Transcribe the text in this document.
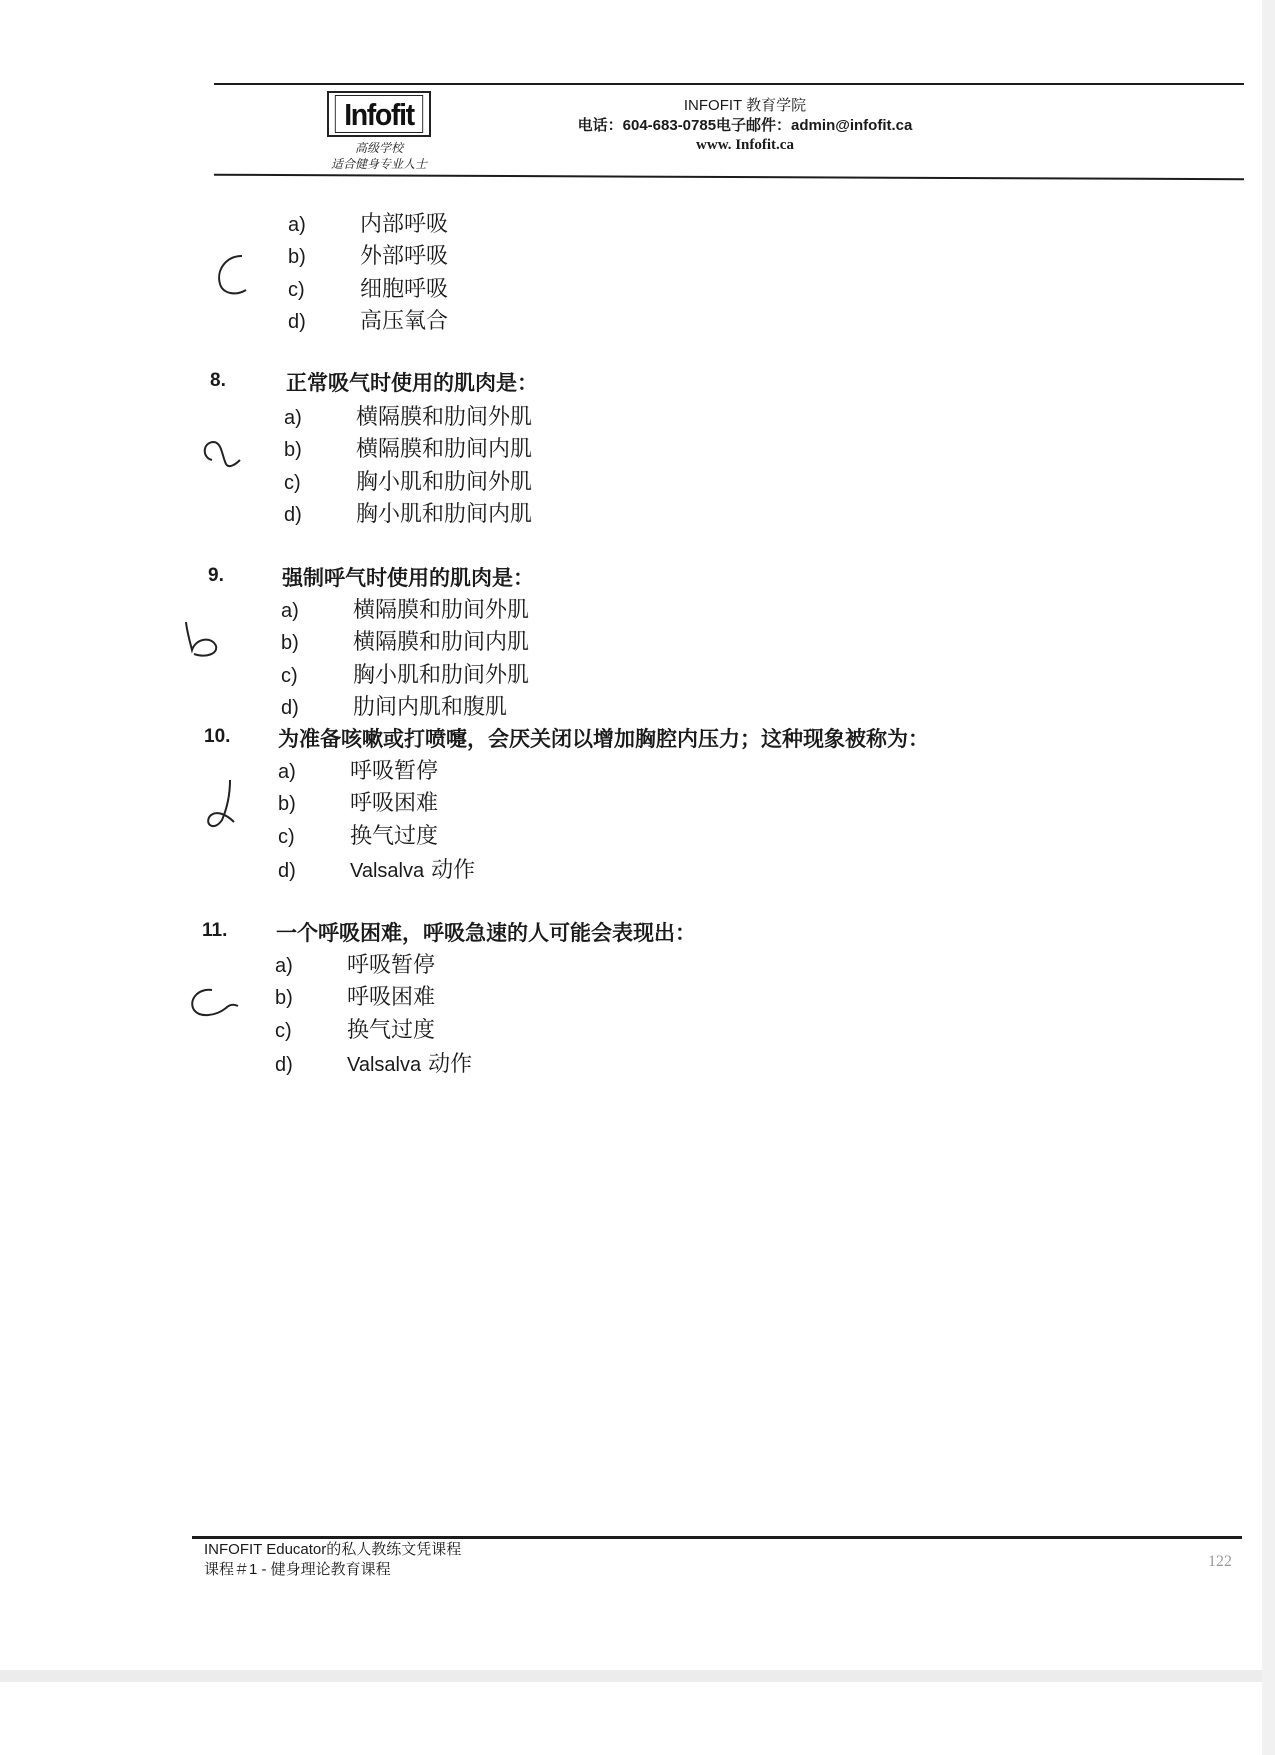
Infofit
高级学校
适合健身专业人士
INFOFIT 教育学院
电话：604-683-0785电子邮件：admin@infofit.ca
www. Infofit.ca
a) 内部呼吸
b) 外部呼吸
c)	细胞呼吸
d) 高压氧合
8.	正常吸气时使用的肌肉是：
a) 横隔膜和肋间外肌
b) 横隔膜和肋间内肌
c)	胸小肌和肋间外肌
d) 胸小肌和肋间内肌
9.	强制呼气时使用的肌肉是：
a) 横隔膜和肋间外肌
b) 横隔膜和肋间内肌
c)	胸小肌和肋间外肌
d) 肋间内肌和腹肌
10. 为准备咳嗽或打喷嚏，会厌关闭以增加胸腔内压力；这种现象被称为：
a) 呼吸暂停
b) 呼吸困难
c)	换气过度
d)	Valsalva 动作
11. 一个呼吸困难，呼吸急速的人可能会表现出：
a) 呼吸暂停
b) 呼吸困难
c)	换气过度
d)	Valsalva 动作
INFOFIT Educator的私人教练文凭课程
课程＃1 - 健身理论教育课程	122
